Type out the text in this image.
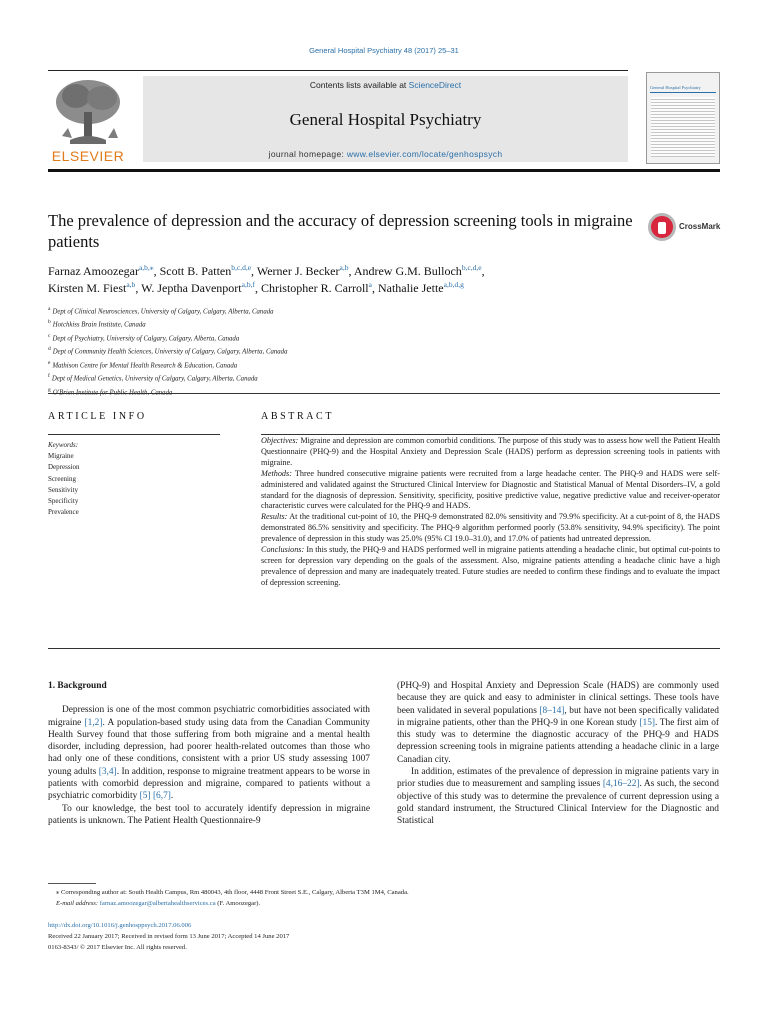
General Hospital Psychiatry 48 (2017) 25–31
ELSEVIER
Contents lists available at ScienceDirect
General Hospital Psychiatry
journal homepage: www.elsevier.com/locate/genhospsych
General Hospital Psychiatry
The prevalence of depression and the accuracy of depression screening tools in migraine patients
CrossMark
Farnaz Amoozegar$^{a,b,⁎}$, Scott B. Patten$^{b,c,d,e}$, Werner J. Becker$^{a,b}$, Andrew G.M. Bulloch$^{b,c,d,e}$,
Kirsten M. Fiest$^{a,b}$, W. Jeptha Davenport$^{a,b,f}$, Christopher R. Carroll$^a$, Nathalie Jette$^{a,b,d,g}$
$^a$ Dept of Clinical Neurosciences, University of Calgary, Calgary, Alberta, Canada
$^b$ Hotchkiss Brain Institute, Canada
$^c$ Dept of Psychiatry, University of Calgary, Calgary, Alberta, Canada
$^d$ Dept of Community Health Sciences, University of Calgary, Calgary, Alberta, Canada
$^e$ Mathison Centre for Mental Health Research & Education, Canada
$^f$ Dept of Medical Genetics, University of Calgary, Calgary, Alberta, Canada
$^g$
ARTICLE INFO	ABSTRACT
Keywords:
Migraine
Depression
Screening
Sensitivity
Specificity
Prevalence

Objectives: Migraine and depression are common comorbid conditions. The purpose of this study was to assess how well the Patient Health Questionnaire (PHQ-9) and the Hospital Anxiety and Depression Scale (HADS) perform as depression screening tools in patients with migraine.

Methods: Three hundred consecutive migraine patients were recruited from a large headache center. The PHQ-9 and HADS were self-administered and validated against the Structured Clinical Interview for Diagnostic and Statistical Manual of Mental Disorders–IV, a gold standard for the diagnosis of depression. Sensitivity, specificity, positive predictive value, negative predictive value and receiver-operator characteristic curves were calculated for the PHQ-9 and HADS.

Results: At the traditional cut-point of 10, the PHQ-9 demonstrated 82.0% sensitivity and 79.9% specificity. At a cut-point of 8, the HADS demonstrated 86.5% sensitivity and specificity. The PHQ-9 algorithm performed poorly (53.8% sensitivity, 94.9% specificity). The point prevalence of depression in this study was 25.0% (95% CI 19.0–31.0), and 17.0% of patients had untreated depression.

Conclusions: In this study, the PHQ-9 and HADS performed well in migraine patients attending a headache clinic, but optimal cut-points to screen for depression vary depending on the goals of the assessment. Also, migraine patients attending a headache clinic have a high prevalence of depression and many are inadequately treated. Future studies are needed to confirm these findings and to evaluate the impact of depression screening.

1. Background

Depression is one of the most common psychiatric comorbidities associated with migraine [1,2]. A population-based study using data from the Canadian Community Health Survey found that those suffering from both migraine and a mental health disorder, including depression, had poorer health-related outcomes than those who had only one of these conditions, consistent with a prior US study assessing 1007 young adults [3,4]. In addition, response to migraine treatment appears to be worse in patients with comorbid depression and migraine, compared to patients without a psychiatric comorbidity [5] [6,7].

To our knowledge, the best tool to accurately identify depression in migraine patients is unknown. The Patient Health Questionnaire-9

(PHQ-9) and Hospital Anxiety and Depression Scale (HADS) are commonly used because they are quick and easy to administer in clinical settings. These tools have been validated in several populations [8–14], but have not been specifically validated in migraine patients, other than the PHQ-9 in one Korean study [15]. The first aim of this study was to determine the diagnostic accuracy of the PHQ-9 and HADS depression screening tools in migraine patients attending a headache clinic in a large Canadian city.

In addition, estimates of the prevalence of depression in migraine patients vary in prior studies due to measurement and sampling issues [4,16–22]. As such, the second objective of this study was to determine the prevalence of current depression using a gold standard instrument, the Structured Clinical Interview for the Diagnostic and Statistical

⁎ Corresponding author at: South Health Campus, Rm 480043, 4th floor, 4448 Front Street S.E., Calgary, Alberta T3M 1M4, Canada.
E-mail address: farnaz.amoozegar@albertahealthservices.ca (F. Amoozegar).
http://dx.doi.org/10.1016/j.genhosppsych.2017.06.006
Received 22 January 2017; Received in revised form 13 June 2017; Accepted 14 June 2017
0163-8343/ © 2017 Elsevier Inc. All rights reserved.
